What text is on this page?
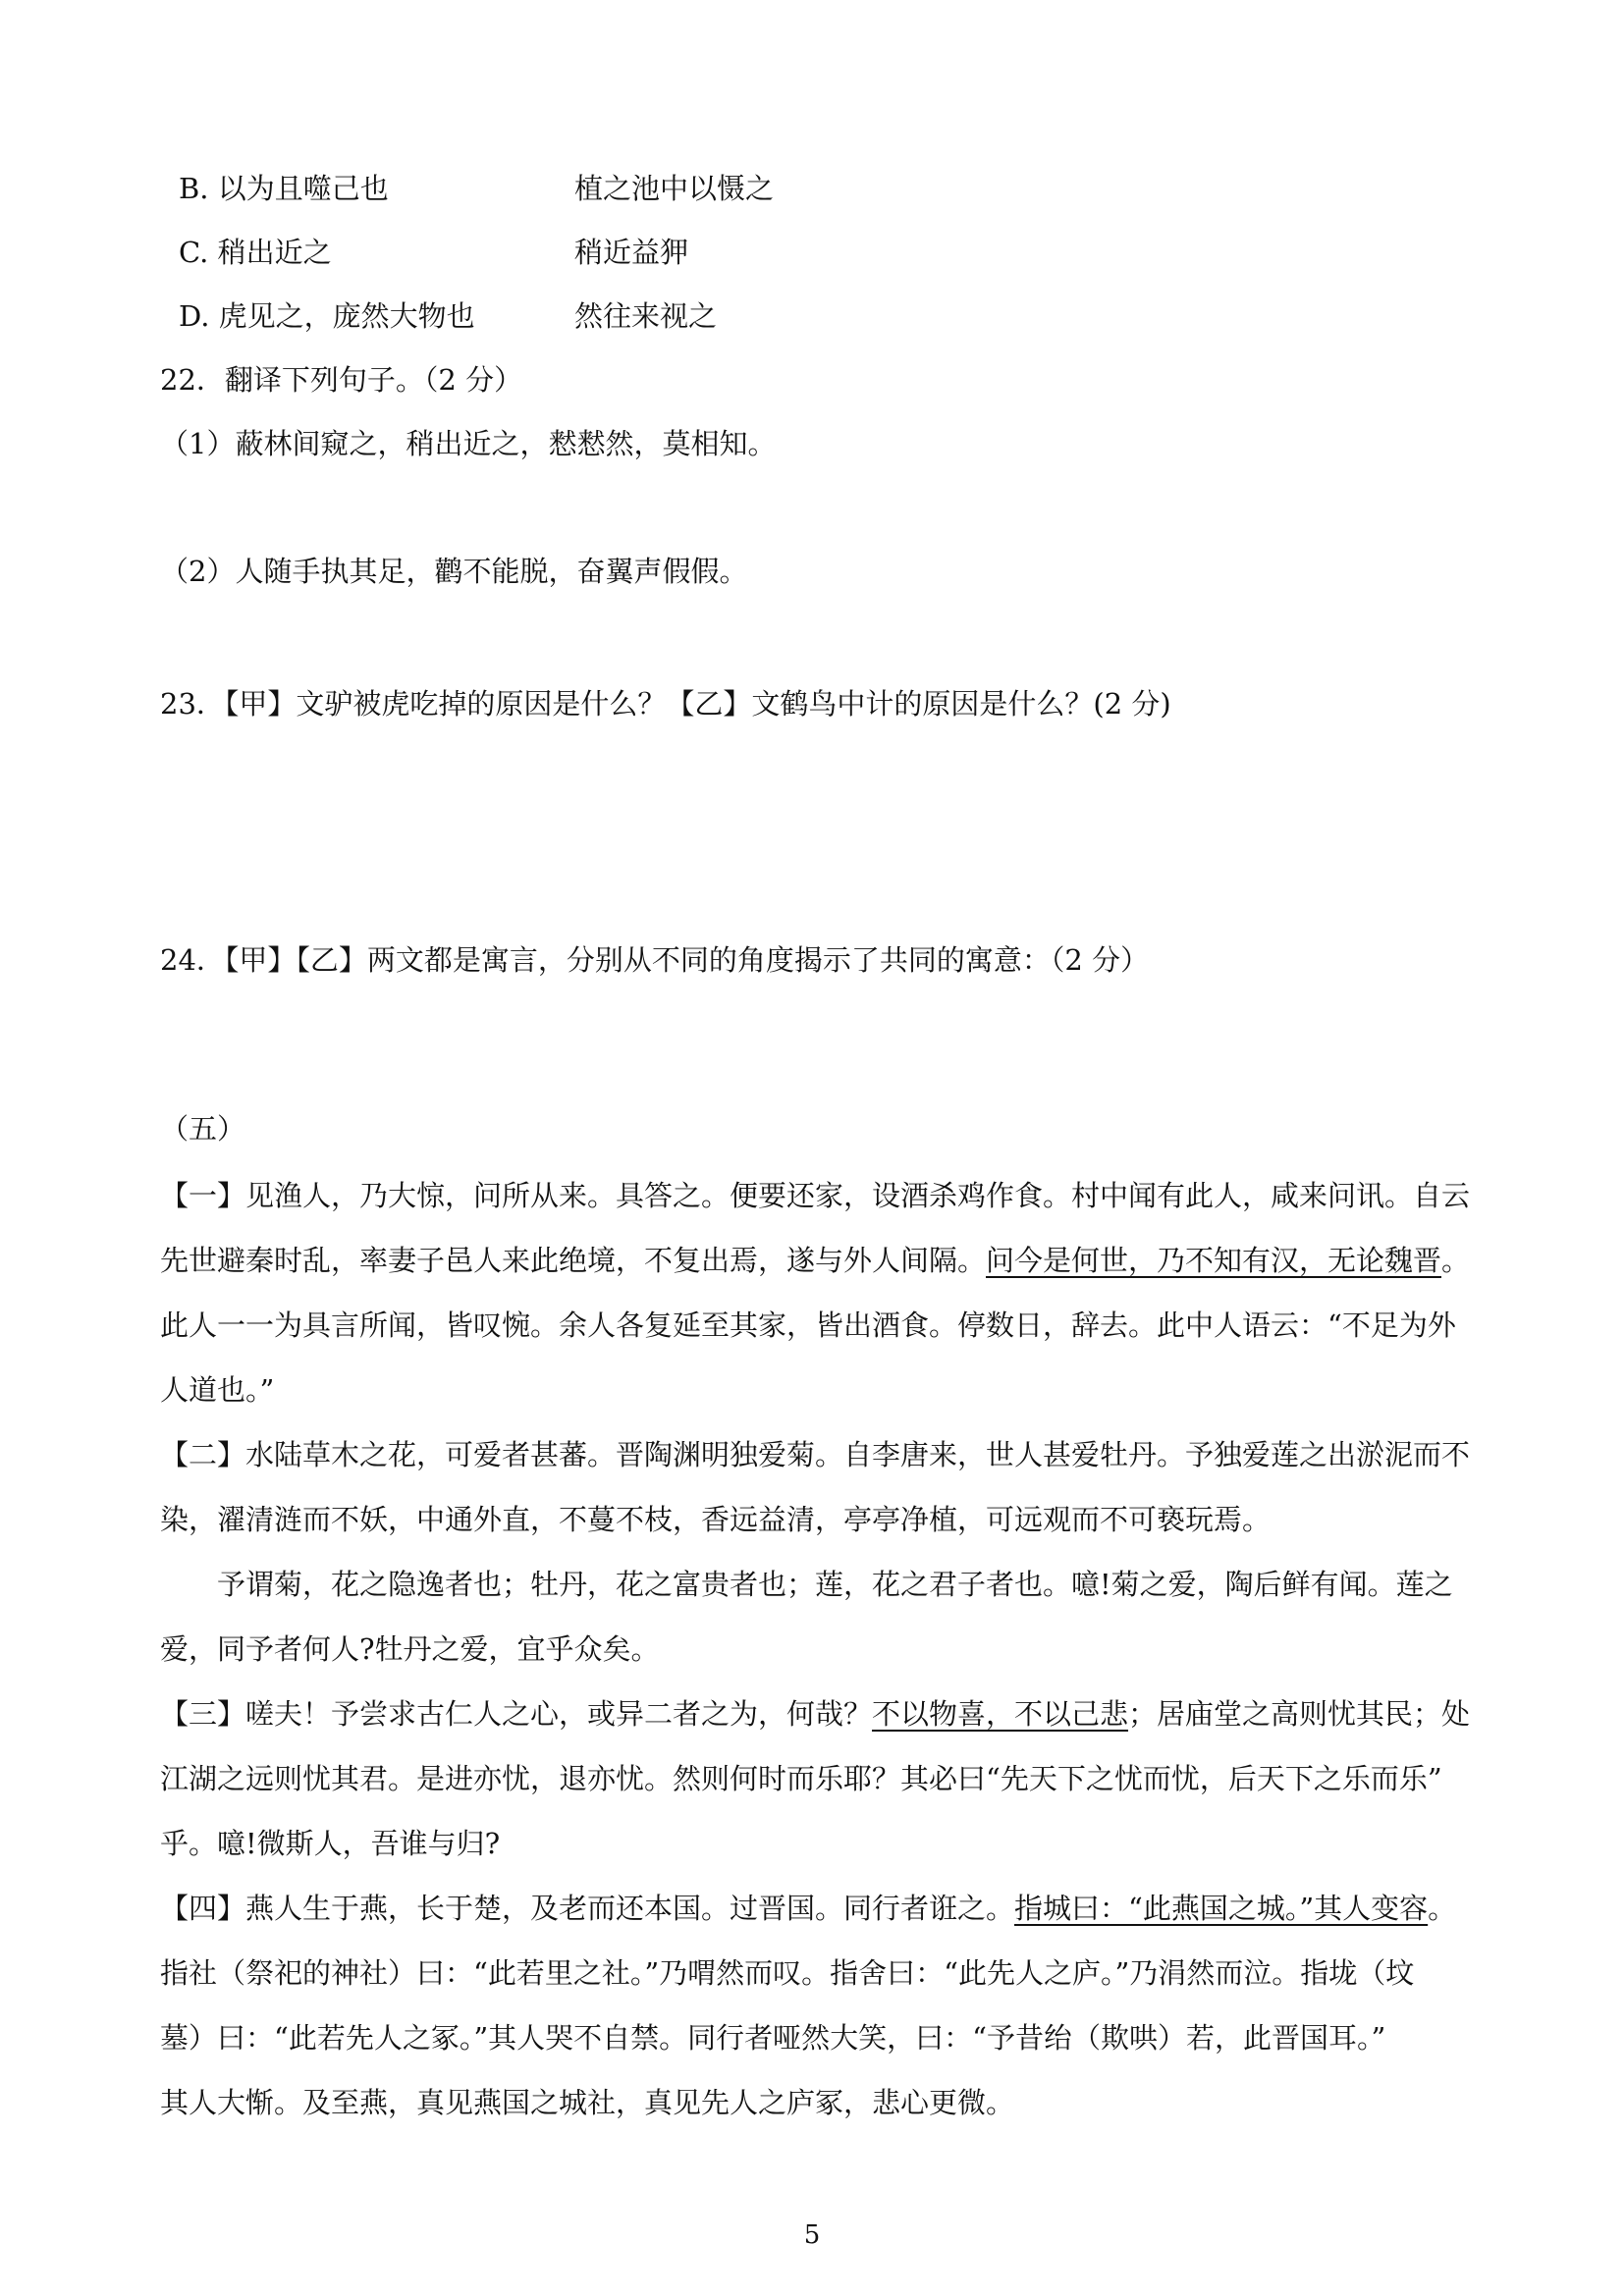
B. 以为且噬己也	植之池中以慑之
C. 稍出近之	稍近益狎
D. 虎见之，庞然大物也	然往来视之
22．翻译下列句子。（2 分）
（1）蔽林间窥之，稍出近之，慭慭然，莫相知。
（2）人随手执其足，鹳不能脱，奋翼声假假。
23．【甲】文驴被虎吃掉的原因是什么？【乙】文鹤鸟中计的原因是什么？(2 分)
24．【甲】【乙】两文都是寓言，分别从不同的角度揭示了共同的寓意：（2 分）
（五）
【一】见渔人，乃大惊，问所从来。具答之。便要还家，设酒杀鸡作食。村中闻有此人，咸来问讯。自云
先世避秦时乱，率妻子邑人来此绝境，不复出焉，遂与外人间隔。问今是何世，乃不知有汉，无论魏晋。
此人一一为具言所闻，皆叹惋。余人各复延至其家，皆出酒食。停数日，辞去。此中人语云：“不足为外
人道也。”
【二】水陆草木之花，可爱者甚蕃。晋陶渊明独爱菊。自李唐来，世人甚爱牡丹。予独爱莲之出淤泥而不
染，濯清涟而不妖，中通外直，不蔓不枝，香远益清，亭亭净植，可远观而不可亵玩焉。
予谓菊，花之隐逸者也；牡丹，花之富贵者也；莲，花之君子者也。噫!菊之爱，陶后鲜有闻。莲之
爱，同予者何人?牡丹之爱，宜乎众矣。
【三】嗟夫！予尝求古仁人之心，或异二者之为，何哉？不以物喜，不以己悲；居庙堂之高则忧其民；处
江湖之远则忧其君。是进亦忧，退亦忧。然则何时而乐耶？其必曰“先天下之忧而忧，后天下之乐而乐”
乎。噫!微斯人，吾谁与归?
【四】燕人生于燕，长于楚，及老而还本国。过晋国。同行者诳之。指城曰：“此燕国之城。”其人变容。
指社（祭祀的神社）曰：“此若里之社。”乃喟然而叹。指舍曰：“此先人之庐。”乃涓然而泣。指垅（坟
墓）曰：“此若先人之冢。”其人哭不自禁。同行者哑然大笑，曰：“予昔绐（欺哄）若，此晋国耳。”
其人大惭。及至燕，真见燕国之城社，真见先人之庐冢，悲心更微。
5
